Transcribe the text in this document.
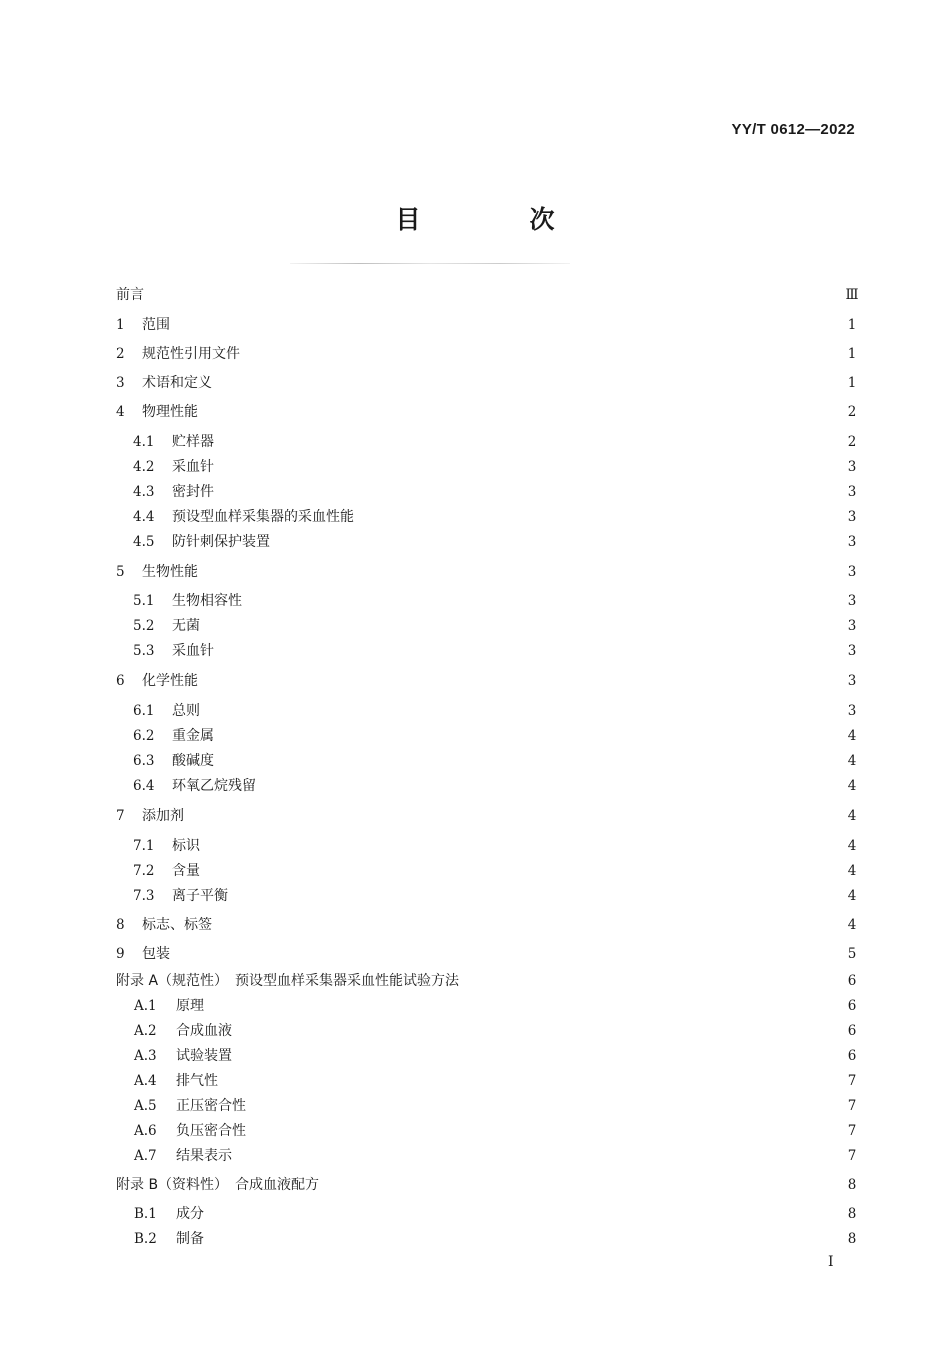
YY/T 0612—2022
目　次
前言	Ⅲ
1 范围	1
2 规范性引用文件	1
3 术语和定义	1
4 物理性能	2
4.1 贮样器	2
4.2 采血针	3
4.3 密封件	3
4.4 预设型血样采集器的采血性能	3
4.5 防针刺保护装置	3
5 生物性能	3
5.1 生物相容性	3
5.2 无菌	3
5.3 采血针	3
6 化学性能	3
6.1 总则	3
6.2 重金属	4
6.3 酸碱度	4
6.4 环氧乙烷残留	4
7 添加剂	4
7.1 标识	4
7.2 含量	4
7.3 离子平衡	4
8 标志、标签	4
9 包装	5
附录 A（规范性）　预设型血样采集器采血性能试验方法	6
A.1 原理	6
A.2 合成血液	6
A.3 试验装置	6
A.4 排气性	7
A.5 正压密合性	7
A.6 负压密合性	7
A.7 结果表示	7
附录 B（资料性）　合成血液配方	8
B.1 成分	8
B.2 制备	8
I
